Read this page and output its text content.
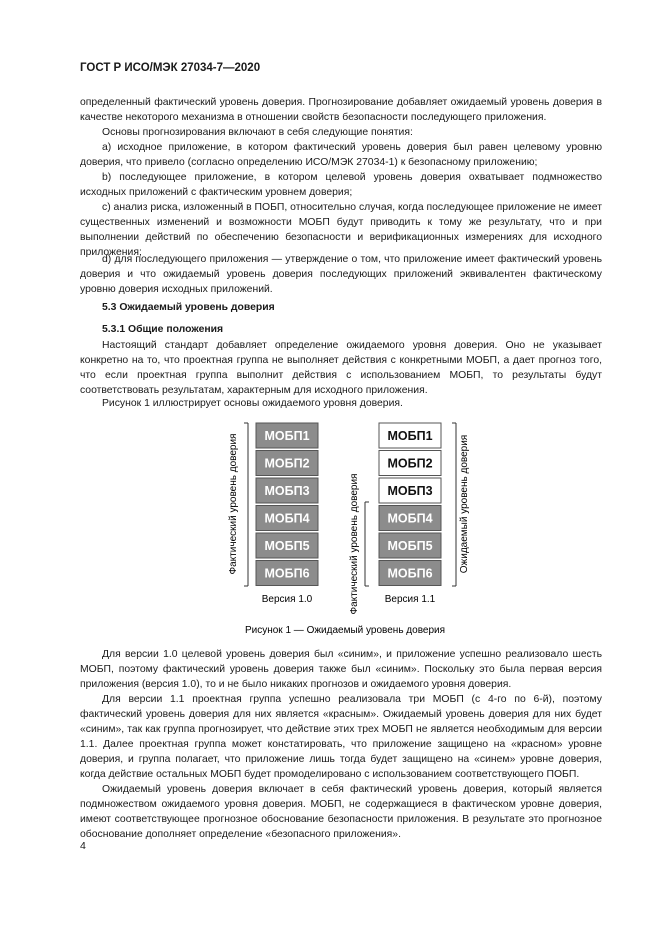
ГОСТ Р ИСО/МЭК 27034-7—2020

определенный фактический уровень доверия. Прогнозирование добавляет ожидаемый уровень доверия в качестве некоторого механизма в отношении свойств безопасности последующего приложения.

Основы прогнозирования включают в себя следующие понятия:

a) исходное приложение, в котором фактический уровень доверия был равен целевому уровню доверия, что привело (согласно определению ИСО/МЭК 27034-1) к безопасному приложению;

b) последующее приложение, в котором целевой уровень доверия охватывает подмножество исходных приложений с фактическим уровнем доверия;

c) анализ риска, изложенный в ПОБП, относительно случая, когда последующее приложение не имеет существенных изменений и возможности МОБП будут приводить к тому же результату, что и при выполнении действий по обеспечению безопасности и верификационных измерениях для исходного приложения;

d) для последующего приложения — утверждение о том, что приложение имеет фактический уровень доверия и что ожидаемый уровень доверия последующих приложений эквивалентен фактическому уровню доверия исходных приложений.

5.3 Ожидаемый уровень доверия

5.3.1 Общие положения

Настоящий стандарт добавляет определение ожидаемого уровня доверия. Оно не указывает конкретно на то, что проектная группа не выполняет действия с конкретными МОБП, а дает прогноз того, что если проектная группа выполнит действия с использованием МОБП, то результаты будут соответствовать результатам, характерным для исходного приложения.

Рисунок 1 иллюстрирует основы ожидаемого уровня доверия.

МОБП1
МОБП2
МОБП3
МОБП4
МОБП5
МОБП6
МОБП1
МОБП2
МОБП3
МОБП4
МОБП5
МОБП6
Фактический уровень доверия	Фактический уровень доверия	Ожидаемый уровень доверия
Версия 1.0	Версия 1.1
Рисунок 1 — Ожидаемый уровень доверия

Для версии 1.0 целевой уровень доверия был «синим», и приложение успешно реализовало шесть МОБП, поэтому фактический уровень доверия также был «синим». Поскольку это была первая версия приложения (версия 1.0), то и не было никаких прогнозов и ожидаемого уровня доверия.

Для версии 1.1 проектная группа успешно реализовала три МОБП (с 4-го по 6-й), поэтому фактический уровень доверия для них является «красным». Ожидаемый уровень доверия для них будет «синим», так как группа прогнозирует, что действие этих трех МОБП не является необходимым для версии 1.1. Далее проектная группа может констатировать, что приложение защищено на «красном» уровне доверия, и группа полагает, что приложение лишь тогда будет защищено на «синем» уровне доверия, когда действие остальных МОБП будет промоделировано с использованием соответствующего ПОБП.

Ожидаемый уровень доверия включает в себя фактический уровень доверия, который является подмножеством ожидаемого уровня доверия. МОБП, не содержащиеся в фактическом уровне доверия, имеют соответствующее прогнозное обоснование безопасности приложения. В результате это прогнозное обоснование дополняет определение «безопасного приложения».

4
